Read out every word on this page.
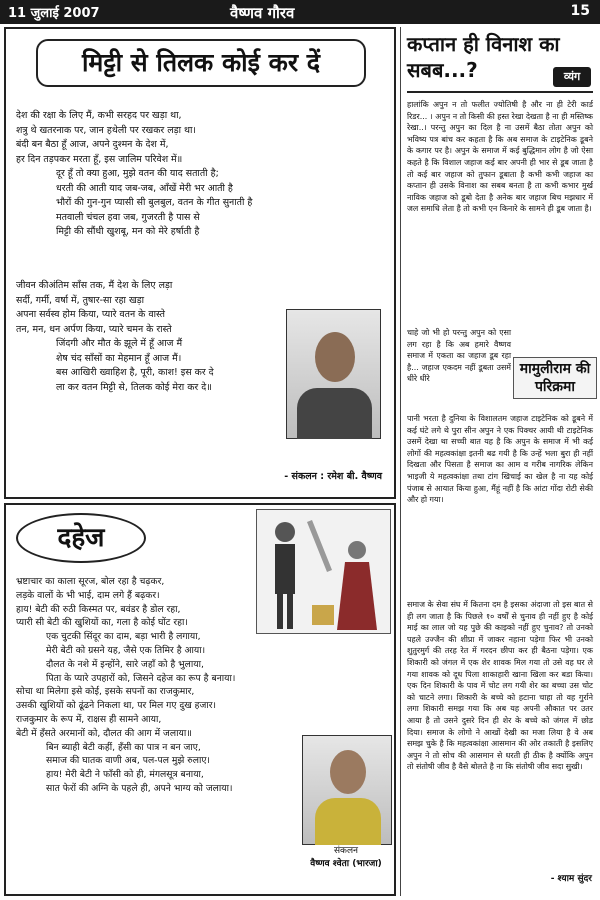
11 जुलाई 2007	वैष्णव गौरव	15
मिट्टी से तिलक कोई कर दें
देश की रक्षा के लिए मैं, कभी सरहद पर खड़ा था,
शत्रु थे खतरनाक पर, जान हथेली पर रखकर लड़ा था।
बंदी बन बैठा हूँ आज, अपने दुश्मन के देश में,
हर दिन तड़पकर मरता हूँ, इस जालिम परिवेश में॥
दूर हूँ तो क्या हुआ, मुझे वतन की याद सताती है;
धरती की आती याद जब-जब, आँखें मेरी भर आती है
भौरों की गुन-गुन प्यासी सी बुलबुल, वतन के गीत सुनाती है
मतवाली चंचल हवा जब, गुजरती है पास से
मिट्टी की सौंधी खुशबू, मन को मेरे हर्षाती है
जीवन कीअंतिम साँस तक, मैं देश के लिए लड़ा
सर्दी, गर्मी, वर्षा में, तुषार-सा रहा खड़ा
अपना सर्वस्व होम किया, प्यारे वतन के वास्ते
तन, मन, धन अर्पण किया, प्यारे चमन के रास्ते
जिंदगी और मौत के झूले में हूँ आज मैं
शेष चंद साँसों का मेहमान हूँ आज मैं।
बस आखिरी ख्वाहिश है, पूरी, काश! इस कर दे
ला कर वतन मिट्टी से, तिलक कोई मेरा कर दे॥
- संकलन : रमेश बी. वैष्णव
दहेज
भ्रष्टाचार का काला सूरज, बोल रहा है चढ़कर,
लड़के वालों के भी भाई, दाम लगे हैं बढ़कर।
हाय! बेटी की रुठी किस्मत पर, बवंडर है डोल रहा,
प्यारी सी बेटी की खुशियों का, गला है कोई घोंट रहा।
एक चुटकी सिंदूर का दाम, बड़ा भारी है लगाया,
मेरी बेटी को ग्रसने यह, जैसे एक तिमिर है आया।
दौलत के नशे में इन्होंने, सारे जहाँ को है भुलाया,
पिता के प्यारे उपहारों को, जिसने दहेज का रूप है बनाया।
सोचा था मिलेगा इसे कोई, इसके सपनों का राजकुमार,
उसकी खुशियों को ढूंढने निकला था, पर मिल गए दुख हजार।
राजकुमार के रूप में, राक्षस ही सामने आया,
बेटी में हँसते अरमानों को, दौलत की आग में जलाया॥
बिन ब्याही बेटी कहीं, हँसी का पात्र न बन जाए,
समाज की घातक वाणी अब, पल-पल मुझे रुलाए।
हाय! मेरी बेटी ने फाँसी को ही, मंगलसूत्र बनाया,
सात फेरों की अग्नि के पहले ही, अपने भाग्य को जलाया।
संकलन
वैष्णव श्वेता (भारजा)
कप्तान ही विनाश का सबब...?	व्यंग

हालांकि अपुन न तो फलीत ज्योतिषी है और ना ही टेरी कार्ड रिडर... । अपुन न तो किसी की हस्त रेखा देखता है ना ही मस्तिष्क रेखा..। परन्तु अपुन का दिल है ना उसमें बैठा तोता अपुन को भविष्य पत्र बांच कर कहता है कि अब समाज के टाइटेनिक डूबने के कगार पर है। अपुन के समाज में कई बुद्धिमान लोग है जो ऐसा कहते है कि विशाल जहाज कई बार अपनी ही भार से डूब जाता है तो कई बार जहाज को तुफान डूबाता है कभी कभी जहाज का कप्तान ही उसके विनाश का सबब बनता है ता कभी कभार मुर्ख नाविक जहाज को डूबो देता है अनेक बार जहाज बिच मझधार में जल समाधि लेता है तो कभी एन किनारे के सामने ही डूब जाता है।

चाहे जो भी हो परन्तु अपुन को एसा लग रहा है कि अब हमारे वैष्णव समाज में एकता का जहाज डूब रहा है... जहाज एकदम नहीं डूबता उसमें धीरे धीरे

मामुलीराम की परिक्रमा

पानी भरता है दुनिया के विशालतम जहाज टाइटेनिक को डूबने में कई घंटे लगे थे पुरा सीन अपुन ने एक पिक्चर आयी थी टाइटेनिक उसमें देखा था सच्ची बात यह है कि अपुन के समाज में भी कई लोगों की महत्वकांक्षा इतनी बढ गयी है कि उन्हें भला बुरा ही नहीं दिखता और पिसता है समाज का आम व गरीब नागरिक लेकिन भाइजी ये महत्वकांक्षा तथा टांग खिचाई का खेल है ना यह कोई पंजाब से आयात किया हुआ, मैंहूं नहीं है कि आंटा गोंदा रोटी सेकी और हो गया।

समाज के सेवा संघ में कितना दम है इसका अंदाजा तो इस बात से ही लग जाता है कि पिछले १० वर्षों से चुनाव ही नहीं हुए है कोई माई का लाल जो यह पुछे की काइको नहीं हुए चुनाव? तो उनको पहले उज्जैन की शीप्रा में जाकर नहाना पड़ेगा फिर भी उनको शुतुरमुर्ग की तरह रेत में गरदन छीपा कर ही बैठना पड़ेगा। एक शिकारी को जंगल में एक शेर शावक मिल गया तो उसे वह घर ले गया शावक को दूध पिला शाकाहारी खाना खिला कर बडा किया। एक दिन शिकारी के पाव में चोट लग गयी शेर का बच्चा उस चोट को चाटने लगा। शिकारी के बच्चे को हटाना चाहा तो वह गुर्राने लगा शिकारी समझ गया कि अब यह अपनी औकात पर उतर आया है तो उसने दुसरे दिन ही शेर के बच्चे को जंगल में छोड दिया। समाज के लोगो ने आखों देखी का मजा लिया है वे अब समझ चुके है कि महत्वकांक्षा आसमान की ओर तकाती है इसलिए अपुन ने तो सोच की आसमान से धरती ही ठीक है क्योंकि अपुन तो संतोषी जीव है वैसे बोलते है ना कि संतोषी जीव सदा सुखी।

- श्याम सुंदर
